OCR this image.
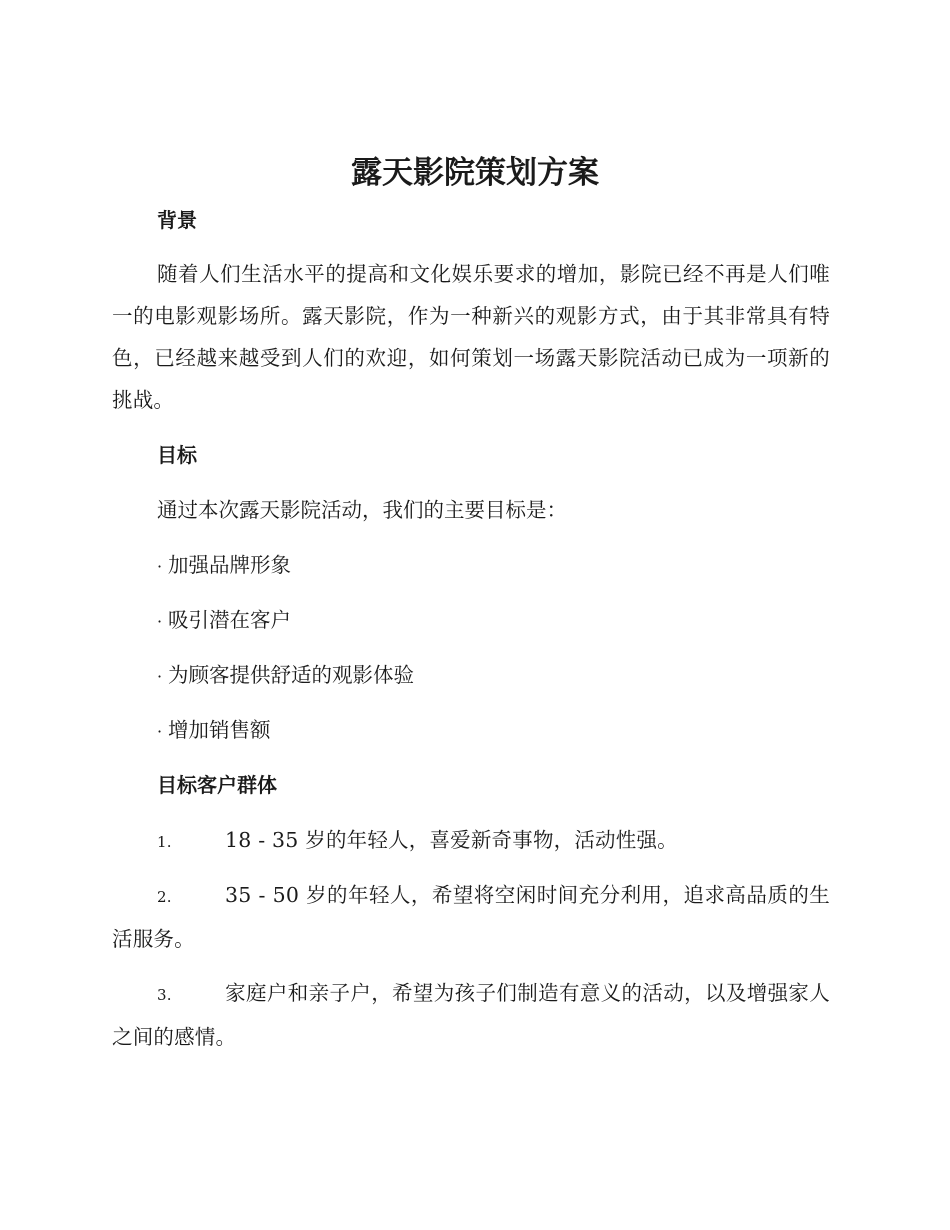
露天影院策划方案
背景

随着人们生活水平的提高和文化娱乐要求的增加，影院已经不再是人们唯一的电影观影场所。露天影院，作为一种新兴的观影方式，由于其非常具有特色，已经越来越受到人们的欢迎，如何策划一场露天影院活动已成为一项新的挑战。

目标

通过本次露天影院活动，我们的主要目标是：

· 加强品牌形象

· 吸引潜在客户

· 为顾客提供舒适的观影体验

· 增加销售额

目标客户群体

1.	18 - 35 岁的年轻人，喜爱新奇事物，活动性强。

2.	35 - 50 岁的年轻人，希望将空闲时间充分利用，追求高品质的生活服务。

3.	家庭户和亲子户，希望为孩子们制造有意义的活动，以及增强家人之间的感情。
